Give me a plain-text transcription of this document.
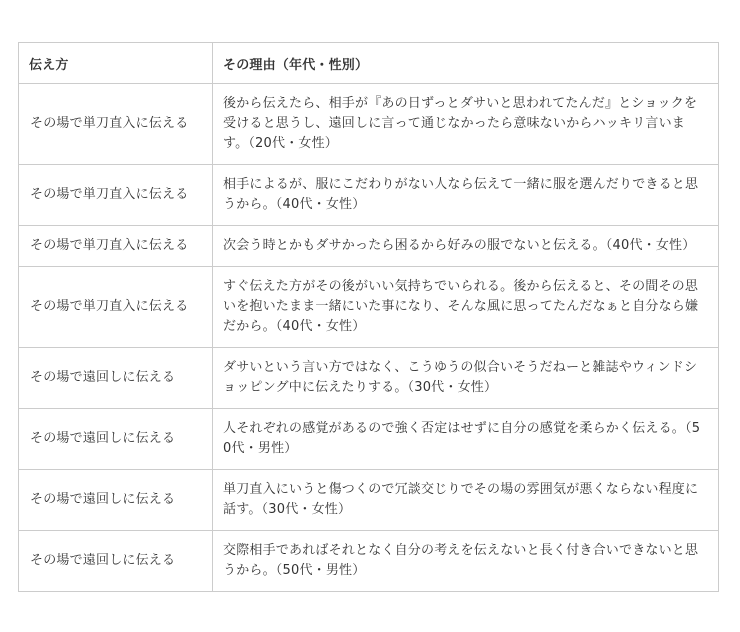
伝え方	その理由（年代・性別）
その場で単刀直入に伝える	後から伝えたら、相手が『あの日ずっとダサいと思われてたんだ』とショックを受けると思うし、遠回しに言って通じなかったら意味ないからハッキリ言います。（20代・女性）
その場で単刀直入に伝える	相手によるが、服にこだわりがない人なら伝えて一緒に服を選んだりできると思うから。（40代・女性）
その場で単刀直入に伝える	次会う時とかもダサかったら困るから好みの服でないと伝える。（40代・女性）
その場で単刀直入に伝える	すぐ伝えた方がその後がいい気持ちでいられる。後から伝えると、その間その思いを抱いたまま一緒にいた事になり、そんな風に思ってたんだなぁと自分なら嫌だから。（40代・女性）
その場で遠回しに伝える	ダサいという言い方ではなく、こうゆうの似合いそうだねーと雑誌やウィンドショッピング中に伝えたりする。（30代・女性）
その場で遠回しに伝える	人それぞれの感覚があるので強く否定はせずに自分の感覚を柔らかく伝える。（50代・男性）
その場で遠回しに伝える	単刀直入にいうと傷つくので冗談交じりでその場の雰囲気が悪くならない程度に話す。（30代・女性）
その場で遠回しに伝える	交際相手であればそれとなく自分の考えを伝えないと長く付き合いできないと思うから。（50代・男性）
